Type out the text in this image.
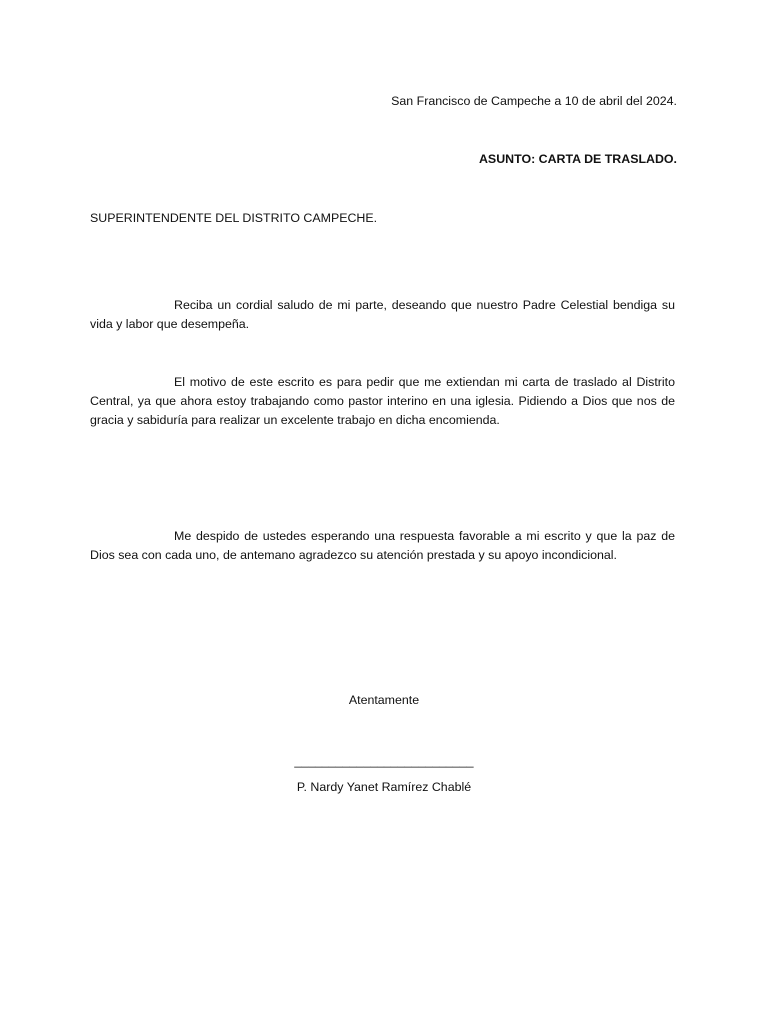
San Francisco de Campeche a 10 de abril del 2024.
ASUNTO: CARTA DE TRASLADO.
SUPERINTENDENTE DEL DISTRITO CAMPECHE.
Reciba un cordial saludo de mi parte, deseando que nuestro Padre Celestial bendiga su vida y labor que desempeña.
El motivo de este escrito es para pedir que me extiendan mi carta de traslado al Distrito Central, ya que ahora estoy trabajando como pastor interino en una iglesia. Pidiendo a Dios que nos de gracia y sabiduría para realizar un excelente trabajo en dicha encomienda.
Me despido de ustedes esperando una respuesta favorable a mi escrito y que la paz de Dios sea con cada uno, de antemano agradezco su atención prestada y su apoyo incondicional.
Atentamente
__________________________
P. Nardy Yanet Ramírez Chablé
